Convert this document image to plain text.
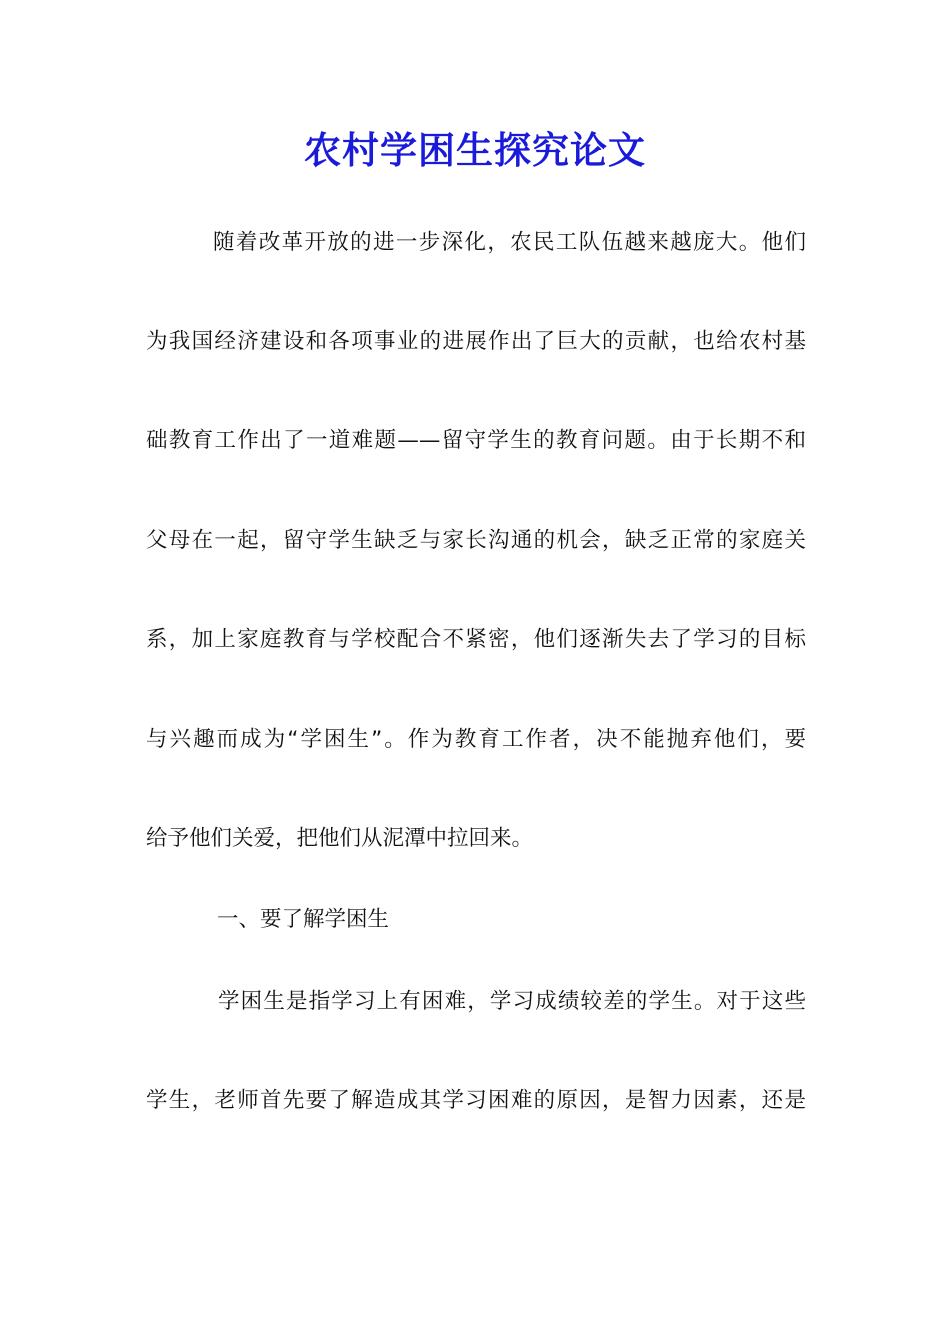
农村学困生探究论文

随着改革开放的进一步深化，农民工队伍越来越庞大。他们

为我国经济建设和各项事业的进展作出了巨大的贡献，也给农村基

础教育工作出了一道难题——留守学生的教育问题。由于长期不和

父母在一起，留守学生缺乏与家长沟通的机会，缺乏正常的家庭关

系，加上家庭教育与学校配合不紧密，他们逐渐失去了学习的目标

与兴趣而成为“学困生”。作为教育工作者，决不能抛弃他们，要

给予他们关爱，把他们从泥潭中拉回来。

一、要了解学困生

学困生是指学习上有困难，学习成绩较差的学生。对于这些

学生，老师首先要了解造成其学习困难的原因，是智力因素，还是
